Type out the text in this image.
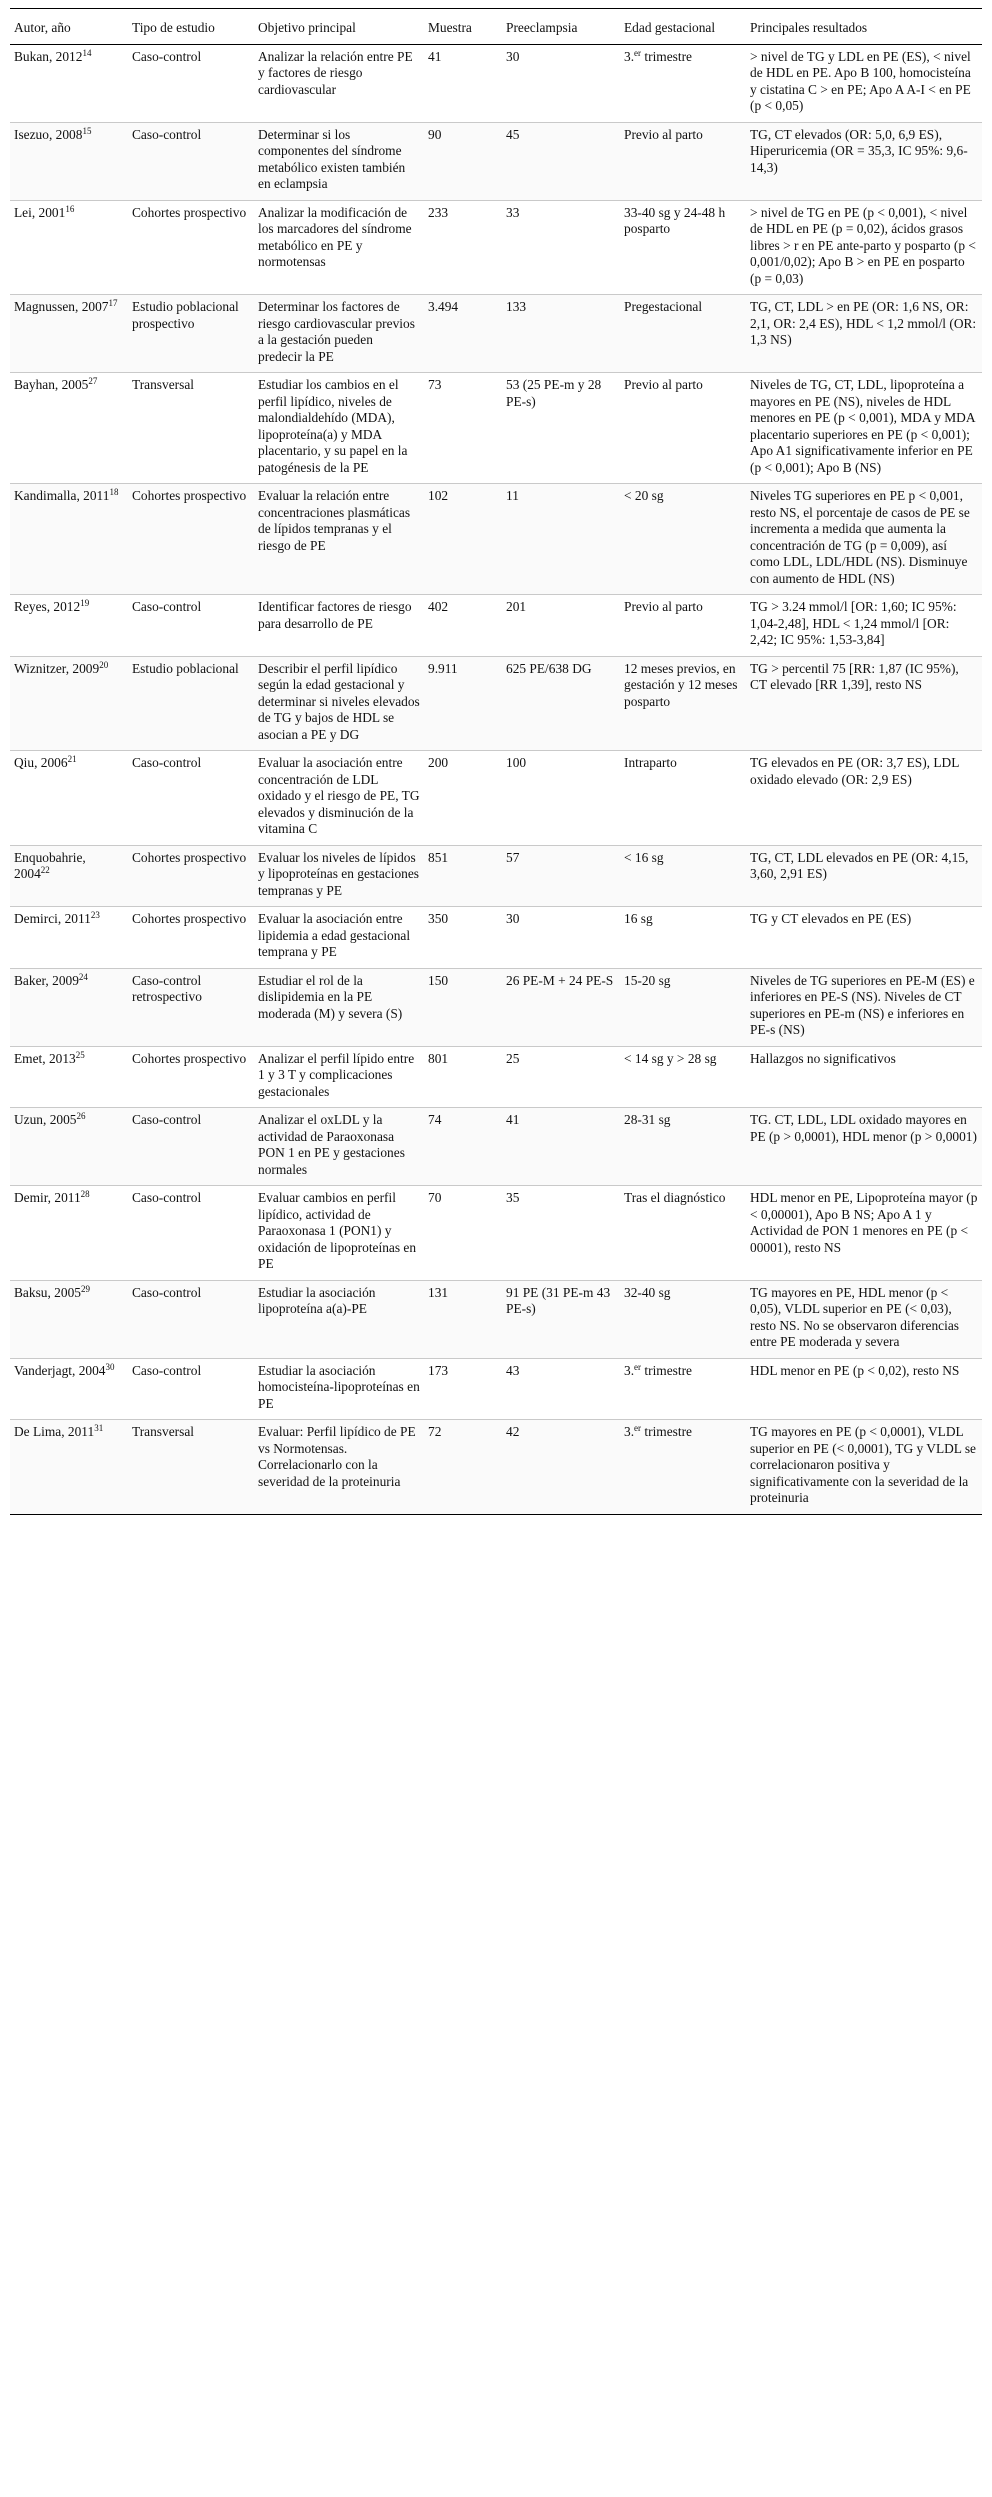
Autor, año	Tipo de estudio	Objetivo principal	Muestra	Preeclampsia	Edad gestacional	Principales resultados
Bukan, 2012$^{14}$	Caso-control	Analizar la relación entre PE y factores de riesgo cardiovascular	41	30	3.$^{er}$ trimestre	> nivel de TG y LDL en PE (ES), < nivel de HDL en PE. Apo B 100, homocisteína y cistatina C > en PE; Apo A A-I < en PE (p < 0,05)
Isezuo, 2008$^{15}$	Caso-control	Determinar si los componentes del síndrome metabólico existen también en eclampsia	90	45	Previo al parto	TG, CT elevados (OR: 5,0, 6,9 ES), Hiperuricemia (OR = 35,3, IC 95%: 9,6-14,3)
Lei, 2001$^{16}$	Cohortes prospectivo	Analizar la modificación de los marcadores del síndrome metabólico en PE y normotensas	233	33	33-40 sg y 24-48 h posparto	> nivel de TG en PE (p < 0,001), < nivel de HDL en PE (p = 0,02), ácidos grasos libres > r en PE ante-parto y posparto (p < 0,001/0,02); Apo B > en PE en posparto (p = 0,03)
Magnussen, 2007$^{17}$	Estudio poblacional prospectivo	Determinar los factores de riesgo cardiovascular previos a la gestación pueden predecir la PE	3.494	133	Pregestacional	TG, CT, LDL > en PE (OR: 1,6 NS, OR: 2,1, OR: 2,4 ES), HDL < 1,2 mmol/l (OR: 1,3 NS)
Bayhan, 2005$^{27}$	Transversal	Estudiar los cambios en el perfil lipídico, niveles de malondialdehído (MDA), lipoproteína(a) y MDA placentario, y su papel en la patogénesis de la PE	73	53 (25 PE-m y 28 PE-s)	Previo al parto	Niveles de TG, CT, LDL, lipoproteína a mayores en PE (NS), niveles de HDL menores en PE (p < 0,001), MDA y MDA placentario superiores en PE (p < 0,001); Apo A1 significativamente inferior en PE (p < 0,001); Apo B (NS)
Kandimalla, 2011$^{18}$	Cohortes prospectivo	Evaluar la relación entre concentraciones plasmáticas de lípidos tempranas y el riesgo de PE	102	11	< 20 sg	Niveles TG superiores en PE p < 0,001, resto NS, el porcentaje de casos de PE se incrementa a medida que aumenta la concentración de TG (p = 0,009), así como LDL, LDL/HDL (NS). Disminuye con aumento de HDL (NS)
Reyes, 2012$^{19}$	Caso-control	Identificar factores de riesgo para desarrollo de PE	402	201	Previo al parto	TG > 3.24 mmol/l [OR: 1,60; IC 95%: 1,04-2,48], HDL < 1,24 mmol/l [OR: 2,42; IC 95%: 1,53-3,84]
Wiznitzer, 2009$^{20}$	Estudio poblacional	Describir el perfil lipídico según la edad gestacional y determinar si niveles elevados de TG y bajos de HDL se asocian a PE y DG	9.911	625 PE/638 DG	12 meses previos, en gestación y 12 meses posparto	TG > percentil 75 [RR: 1,87 (IC 95%), CT elevado [RR 1,39], resto NS
Qiu, 2006$^{21}$	Caso-control	Evaluar la asociación entre concentración de LDL oxidado y el riesgo de PE, TG elevados y disminución de la vitamina C	200	100	Intraparto	TG elevados en PE (OR: 3,7 ES), LDL oxidado elevado (OR: 2,9 ES)
Enquobahrie, 2004$^{22}$	Cohortes prospectivo	Evaluar los niveles de lípidos y lipoproteínas en gestaciones tempranas y PE	851	57	< 16 sg	TG, CT, LDL elevados en PE (OR: 4,15, 3,60, 2,91 ES)
Demirci, 2011$^{23}$	Cohortes prospectivo	Evaluar la asociación entre lipidemia a edad gestacional temprana y PE	350	30	16 sg	TG y CT elevados en PE (ES)
Baker, 2009$^{24}$	Caso-control retrospectivo	Estudiar el rol de la dislipidemia en la PE moderada (M) y severa (S)	150	26 PE-M + 24 PE-S	15-20 sg	Niveles de TG superiores en PE-M (ES) e inferiores en PE-S (NS). Niveles de CT superiores en PE-m (NS) e inferiores en PE-s (NS)
Emet, 2013$^{25}$	Cohortes prospectivo	Analizar el perfil lípido entre 1 y 3 T y complicaciones gestacionales	801	25	< 14 sg y > 28 sg	Hallazgos no significativos
Uzun, 2005$^{26}$	Caso-control	Analizar el oxLDL y la actividad de Paraoxonasa PON 1 en PE y gestaciones normales	74	41	28-31 sg	TG. CT, LDL, LDL oxidado mayores en PE (p > 0,0001), HDL menor (p > 0,0001)
Demir, 2011$^{28}$	Caso-control	Evaluar cambios en perfil lipídico, actividad de Paraoxonasa 1 (PON1) y oxidación de lipoproteínas en PE	70	35	Tras el diagnóstico	HDL menor en PE, Lipoproteína mayor (p < 0,00001), Apo B NS; Apo A 1 y Actividad de PON 1 menores en PE (p < 00001), resto NS
Baksu, 2005$^{29}$	Caso-control	Estudiar la asociación lipoproteína a(a)-PE	131	91 PE (31 PE-m 43 PE-s)	32-40 sg	TG mayores en PE, HDL menor (p < 0,05), VLDL superior en PE (< 0,03), resto NS. No se observaron diferencias entre PE moderada y severa
Vanderjagt, 2004$^{30}$	Caso-control	Estudiar la asociación homocisteína-lipoproteínas en PE	173	43	3.$^{er}$ trimestre	HDL menor en PE (p < 0,02), resto NS
De Lima, 2011$^{31}$	Transversal	Evaluar: Perfil lipídico de PE vs Normotensas. Correlacionarlo con la severidad de la proteinuria	72	42	3.$^{er}$ trimestre	TG mayores en PE (p < 0,0001), VLDL superior en PE (< 0,0001), TG y VLDL se correlacionaron positiva y significativamente con la severidad de la proteinuria
